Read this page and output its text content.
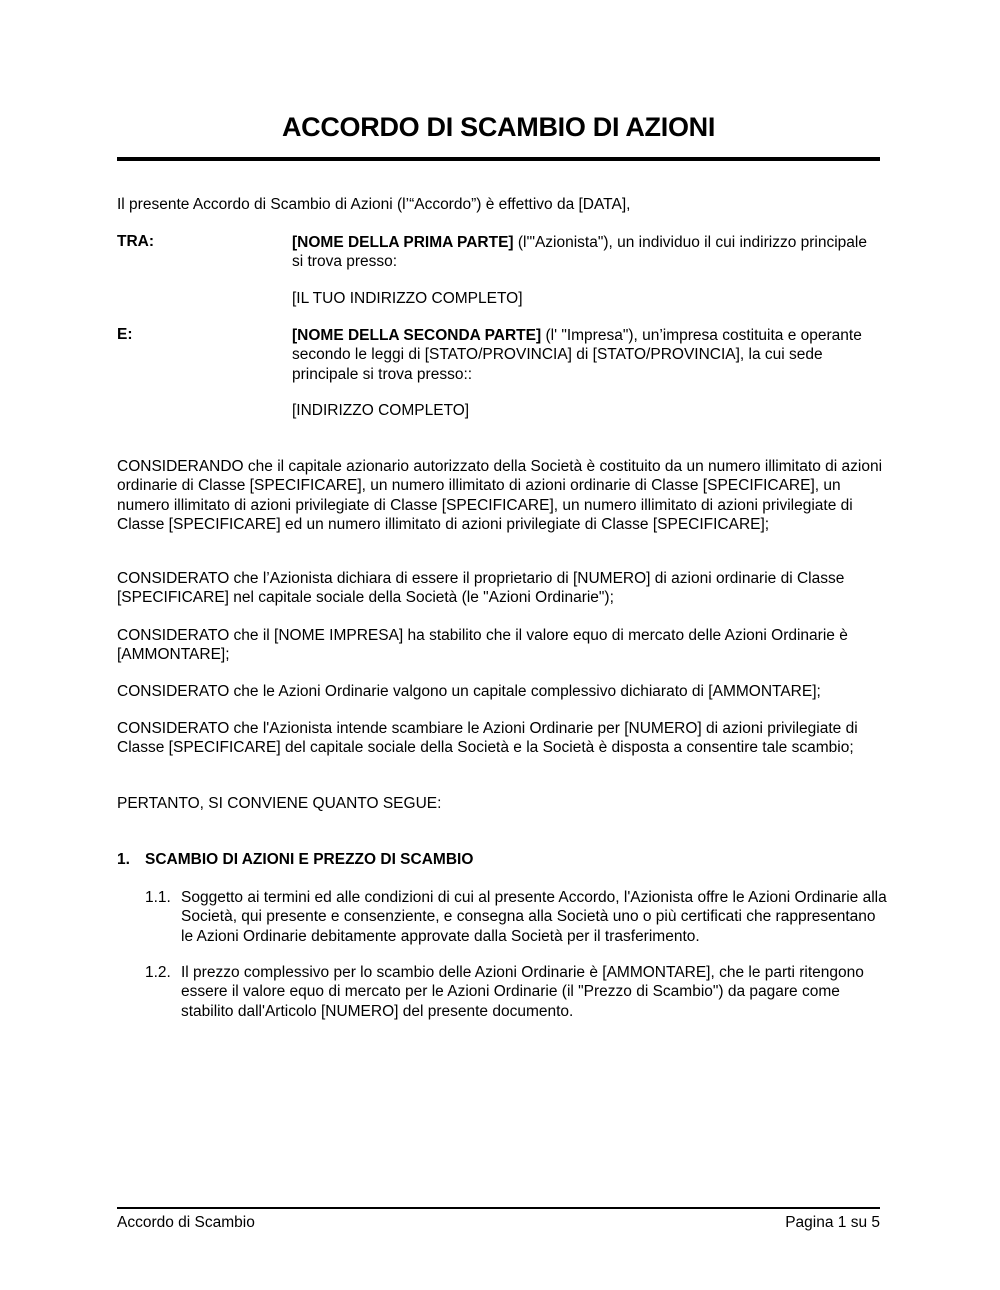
ACCORDO DI SCAMBIO DI AZIONI
Il presente Accordo di Scambio di Azioni (l’“Accordo”) è effettivo da [DATA],
TRA:	[NOME DELLA PRIMA PARTE] (l'"Azionista"), un individuo il cui indirizzo principale si trova presso:
[IL TUO INDIRIZZO COMPLETO]
E:	[NOME DELLA SECONDA PARTE] (l' "Impresa"), un’impresa costituita e operante secondo le leggi di [STATO/PROVINCIA] di [STATO/PROVINCIA], la cui sede principale si trova presso::
[INDIRIZZO COMPLETO]
CONSIDERANDO che il capitale azionario autorizzato della Società è costituito da un numero illimitato di azioni ordinarie di Classe [SPECIFICARE], un numero illimitato di azioni ordinarie di Classe [SPECIFICARE], un numero illimitato di azioni privilegiate di Classe [SPECIFICARE], un numero illimitato di azioni privilegiate di Classe [SPECIFICARE] ed un numero illimitato di azioni privilegiate di Classe [SPECIFICARE];
CONSIDERATO che l’Azionista dichiara di essere il proprietario di [NUMERO] di azioni ordinarie di Classe [SPECIFICARE] nel capitale sociale della Società (le "Azioni Ordinarie");
CONSIDERATO che il [NOME IMPRESA] ha stabilito che il valore equo di mercato delle Azioni Ordinarie è [AMMONTARE];
CONSIDERATO che le Azioni Ordinarie valgono un capitale complessivo dichiarato di [AMMONTARE];
CONSIDERATO che l'Azionista intende scambiare le Azioni Ordinarie per [NUMERO] di azioni privilegiate di Classe [SPECIFICARE] del capitale sociale della Società e la Società è disposta a consentire tale scambio;
PERTANTO, SI CONVIENE QUANTO SEGUE:
1. SCAMBIO DI AZIONI E PREZZO DI SCAMBIO
1.1. Soggetto ai termini ed alle condizioni di cui al presente Accordo, l'Azionista offre le Azioni Ordinarie alla Società, qui presente e consenziente, e consegna alla Società uno o più certificati che rappresentano le Azioni Ordinarie debitamente approvate dalla Società per il trasferimento.
1.2. Il prezzo complessivo per lo scambio delle Azioni Ordinarie è [AMMONTARE], che le parti ritengono essere il valore equo di mercato per le Azioni Ordinarie (il "Prezzo di Scambio") da pagare come stabilito dall'Articolo [NUMERO] del presente documento.
Accordo di Scambio	Pagina 1 su 5
